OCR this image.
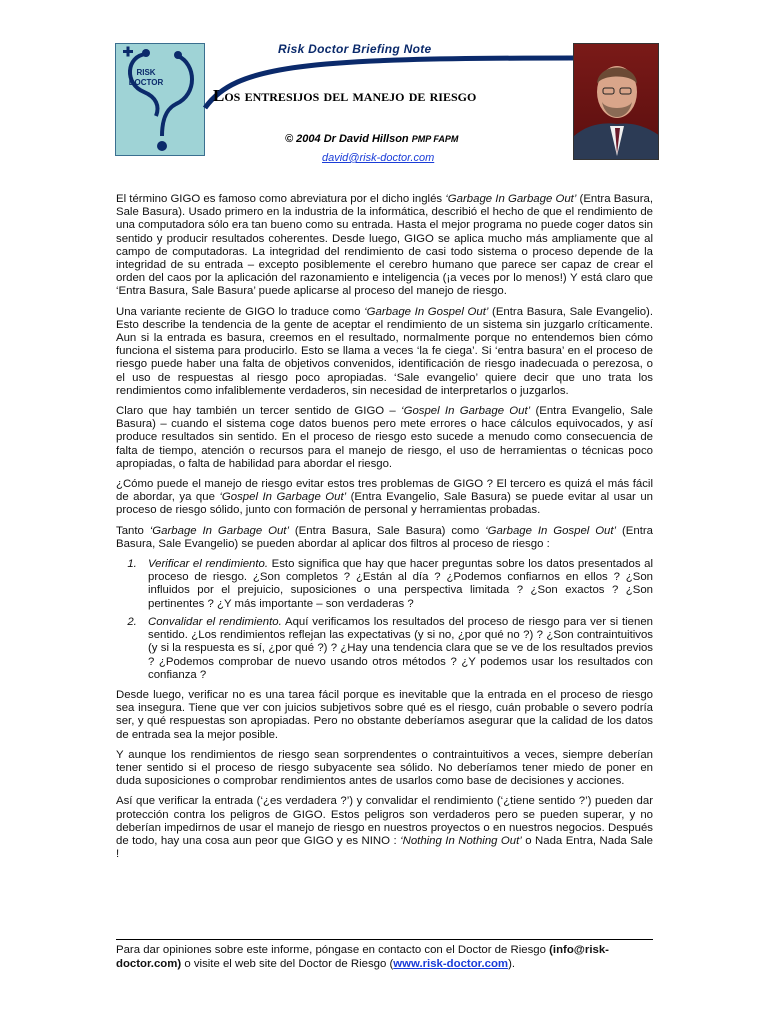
RISK
DOCTOR
Risk Doctor Briefing Note
Los entresijos del manejo de riesgo
© 2004 Dr David Hillson PMP FAPM
david@risk-doctor.com

El término GIGO es famoso como abreviatura por el dicho inglés ‘Garbage In Garbage Out’ (Entra Basura, Sale Basura). Usado primero en la industria de la informática, describió el hecho de que el rendimiento de una computadora sólo era tan bueno como su entrada. Hasta el mejor programa no puede coger datos sin sentido y producir resultados coherentes. Desde luego, GIGO se aplica mucho más ampliamente que al campo de computadoras. La integridad del rendimiento de casi todo sistema o proceso depende de la integridad de su entrada – excepto posiblemente el cerebro humano que parece ser capaz de crear el orden del caos por la aplicación del razonamiento e inteligencia (¡a veces por lo menos!) Y está claro que ‘Entra Basura, Sale Basura’ puede aplicarse al proceso del manejo de riesgo.

Una variante reciente de GIGO lo traduce como ‘Garbage In Gospel Out’ (Entra Basura, Sale Evangelio). Esto describe la tendencia de la gente de aceptar el rendimiento de un sistema sin juzgarlo críticamente. Aun si la entrada es basura, creemos en el resultado, normalmente porque no entendemos bien cómo funciona el sistema para producirlo. Esto se llama a veces ‘la fe ciega’. Si ‘entra basura’ en el proceso de riesgo puede haber una falta de objetivos convenidos, identificación de riesgo inadecuada o perezosa, o el uso de respuestas al riesgo poco apropiadas. ‘Sale evangelio’ quiere decir que uno trata los rendimientos como infaliblemente verdaderos, sin necesidad de interpretarlos o juzgarlos.

Claro que hay también un tercer sentido de GIGO – ‘Gospel In Garbage Out’ (Entra Evangelio, Sale Basura) – cuando el sistema coge datos buenos pero mete errores o hace cálculos equivocados, y así produce resultados sin sentido. En el proceso de riesgo esto sucede a menudo como consecuencia de falta de tiempo, atención o recursos para el manejo de riesgo, el uso de herramientas o técnicas poco apropiadas, o falta de habilidad para abordar el riesgo.

¿Cómo puede el manejo de riesgo evitar estos tres problemas de GIGO ? El tercero es quizá el más fácil de abordar, ya que ‘Gospel In Garbage Out’ (Entra Evangelio, Sale Basura) se puede evitar al usar un proceso de riesgo sólido, junto con formación de personal y herramientas probadas.

Tanto ‘Garbage In Garbage Out’ (Entra Basura, Sale Basura) como ‘Garbage In Gospel Out’ (Entra Basura, Sale Evangelio) se pueden abordar al aplicar dos filtros al proceso de riesgo :

1. Verificar el rendimiento. Esto significa que hay que hacer preguntas sobre los datos presentados al proceso de riesgo. ¿Son completos ? ¿Están al día ? ¿Podemos confiarnos en ellos ? ¿Son influidos por el prejuicio, suposiciones o una perspectiva limitada ? ¿Son exactos ? ¿Son pertinentes ? ¿Y más importante – son verdaderas ?
2. Convalidar el rendimiento. Aquí verificamos los resultados del proceso de riesgo para ver si tienen sentido. ¿Los rendimientos reflejan las expectativas (y si no, ¿por qué no ?) ? ¿Son contraintuitivos (y si la respuesta es sí, ¿por qué ?) ? ¿Hay una tendencia clara que se ve de los resultados previos ? ¿Podemos comprobar de nuevo usando otros métodos ? ¿Y podemos usar los resultados con confianza ?

Desde luego, verificar no es una tarea fácil porque es inevitable que la entrada en el proceso de riesgo sea insegura. Tiene que ver con juicios subjetivos sobre qué es el riesgo, cuán probable o severo podría ser, y qué respuestas son apropiadas. Pero no obstante deberíamos asegurar que la calidad de los datos de entrada sea la mejor posible.

Y aunque los rendimientos de riesgo sean sorprendentes o contraintuitivos a veces, siempre deberían tener sentido si el proceso de riesgo subyacente sea sólido. No deberíamos tener miedo de poner en duda suposiciones o comprobar rendimientos antes de usarlos como base de decisiones y acciones.

Así que verificar la entrada (‘¿es verdadera ?’) y convalidar el rendimiento (‘¿tiene sentido ?’) pueden dar protección contra los peligros de GIGO. Estos peligros son verdaderos pero se pueden superar, y no deberían impedirnos de usar el manejo de riesgo en nuestros proyectos o en nuestros negocios. Después de todo, hay una cosa aun peor que GIGO y es NINO : ‘Nothing In Nothing Out’ o Nada Entra, Nada Sale !

Para dar opiniones sobre este informe, póngase en contacto con el Doctor de Riesgo (info@risk-doctor.com) o visite el web site del Doctor de Riesgo (www.risk-doctor.com).
